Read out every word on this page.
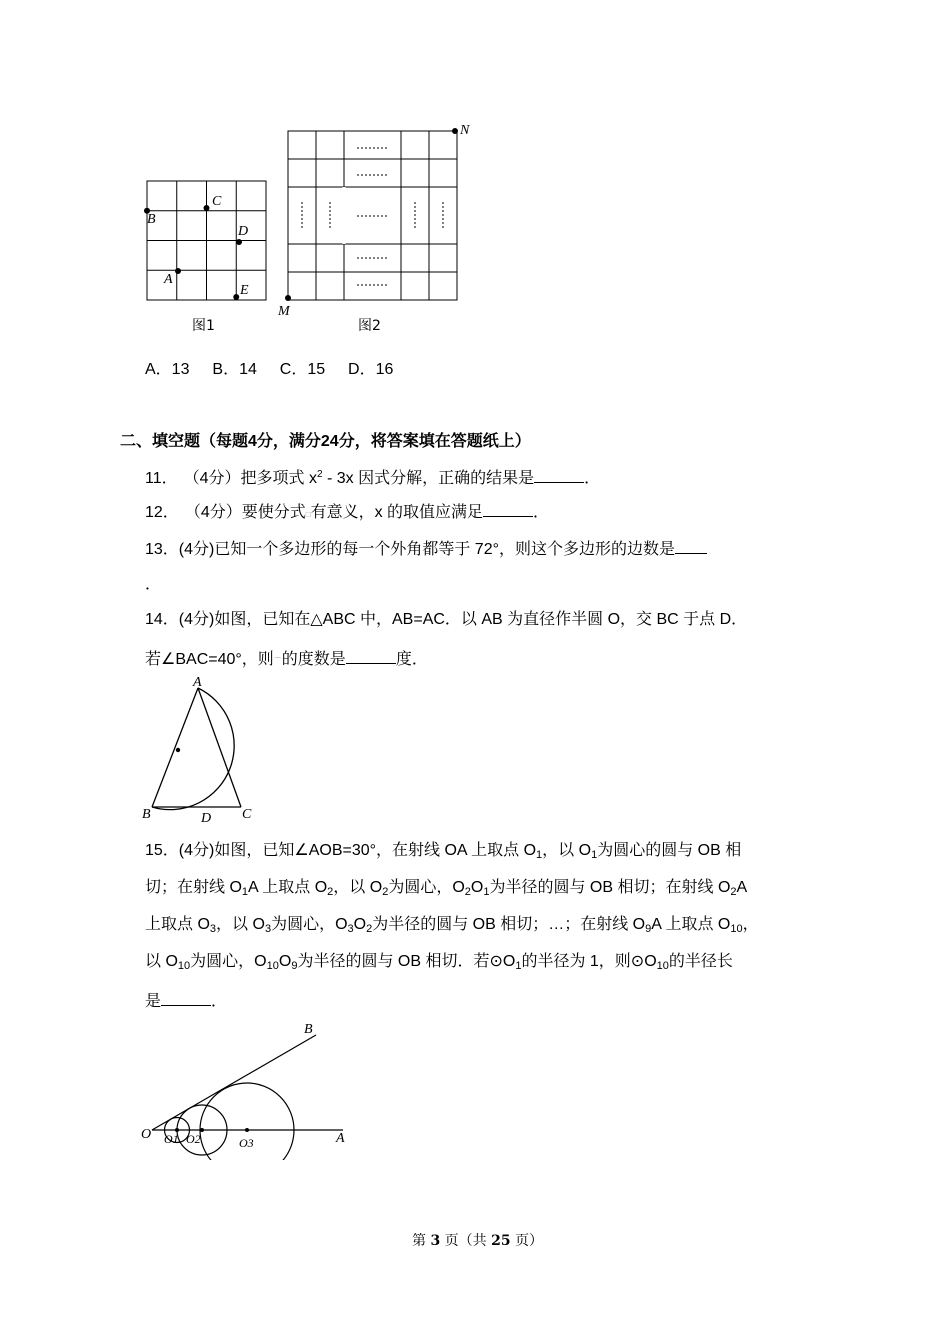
B
C
D
A
E
图1
M
N
图2
A．13 B．14 C．15 D．16
二、填空题（每题4分，满分24分，将答案填在答题纸上）
11． （4分）把多项式 $x^2 - 3x$ 因式分解，正确的结果是	．
12． （4分）要使分式□有意义，x 的取值应满足	．
13．(4分)已知一个多边形的每一个外角都等于 72°，则这个多边形的边数是
．
14．(4分)如图，已知在△ABC 中，AB=AC．以 AB 为直径作半圆 O，交 BC 于点 D．
若∠BAC=40°，则⌒的度数是	度．
A
B	C
D
15．(4分)如图，已知∠AOB=30°，在射线 OA 上取点 O1，以 O1为圆心的圆与 OB 相
切；在射线 O1A 上取点 O2，以 O2为圆心，O2O1为半径的圆与 OB 相切；在射线 O2A
上取点 O3，以 O3为圆心，O3O2为半径的圆与 OB 相切；…；在射线 O9A 上取点 O10，
以 O10为圆心，O10O9为半径的圆与 OB 相切．若⊙O1的半径为 1，则⊙O10的半径长
是	．
O	A
B
O1 O2	O3
第 3 页（共 25 页）
